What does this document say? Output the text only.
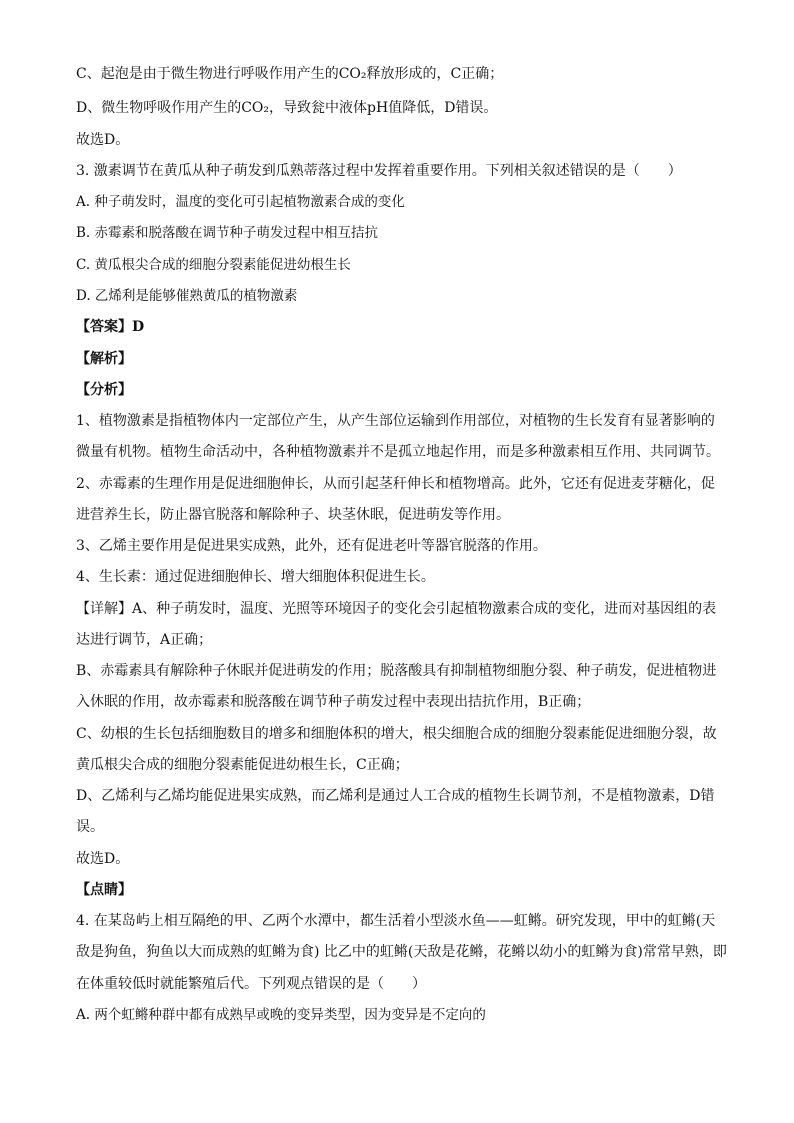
C、起泡是由于微生物进行呼吸作用产生的CO₂释放形成的，C正确；
D、微生物呼吸作用产生的CO₂，导致瓮中液体pH值降低，D错误。
故选D。
3. 激素调节在黄瓜从种子萌发到瓜熟蒂落过程中发挥着重要作用。下列相关叙述错误的是（　　）
A. 种子萌发时，温度的变化可引起植物激素合成的变化
B. 赤霉素和脱落酸在调节种子萌发过程中相互拮抗
C. 黄瓜根尖合成的细胞分裂素能促进幼根生长
D. 乙烯利是能够催熟黄瓜的植物激素
【答案】D
【解析】
【分析】
1、植物激素是指植物体内一定部位产生，从产生部位运输到作用部位，对植物的生长发育有显著影响的
微量有机物。植物生命活动中，各种植物激素并不是孤立地起作用，而是多种激素相互作用、共同调节。
2、赤霉素的生理作用是促进细胞伸长，从而引起茎秆伸长和植物增高。此外，它还有促进麦芽糖化，促
进营养生长，防止器官脱落和解除种子、块茎休眠，促进萌发等作用。
3、乙烯主要作用是促进果实成熟，此外，还有促进老叶等器官脱落的作用。
4、生长素：通过促进细胞伸长、增大细胞体积促进生长。
【详解】A、种子萌发时，温度、光照等环境因子的变化会引起植物激素合成的变化，进而对基因组的表
达进行调节，A正确；
B、赤霉素具有解除种子休眠并促进萌发的作用；脱落酸具有抑制植物细胞分裂、种子萌发，促进植物进
入休眠的作用，故赤霉素和脱落酸在调节种子萌发过程中表现出拮抗作用，B正确；
C、幼根的生长包括细胞数目的增多和细胞体积的增大，根尖细胞合成的细胞分裂素能促进细胞分裂，故
黄瓜根尖合成的细胞分裂素能促进幼根生长，C正确；
D、乙烯利与乙烯均能促进果实成熟，而乙烯利是通过人工合成的植物生长调节剂，不是植物激素，D错
误。
故选D。
【点睛】
4. 在某岛屿上相互隔绝的甲、乙两个水潭中，都生活着小型淡水鱼——虹鳉。研究发现，甲中的虹鳉(天
敌是狗鱼，狗鱼以大而成熟的虹鳉为食) 比乙中的虹鳉(天敌是花鳉，花鳉以幼小的虹鳉为食)常常早熟，即
在体重较低时就能繁殖后代。下列观点错误的是（　　）
A. 两个虹鳉种群中都有成熟早或晚的变异类型，因为变异是不定向的
